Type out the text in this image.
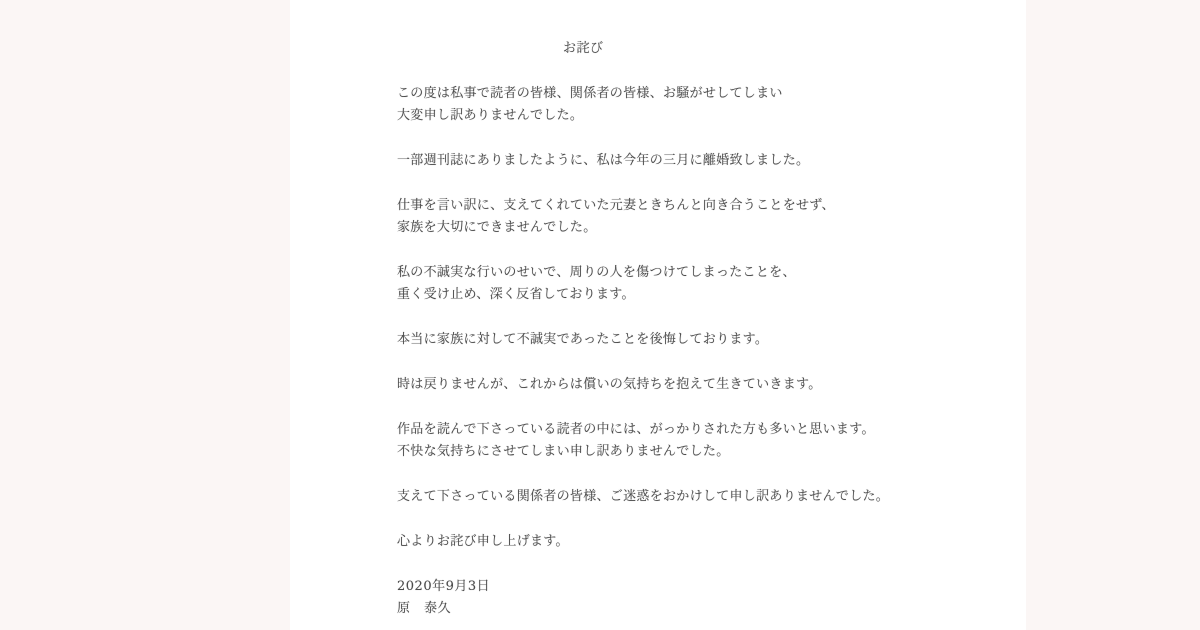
お詫び

この度は私事で読者の皆様、関係者の皆様、お騒がせしてしまい
大変申し訳ありませんでした。

一部週刊誌にありましたように、私は今年の三月に離婚致しました。

仕事を言い訳に、支えてくれていた元妻ときちんと向き合うことをせず、
家族を大切にできませんでした。

私の不誠実な行いのせいで、周りの人を傷つけてしまったことを、
重く受け止め、深く反省しております。

本当に家族に対して不誠実であったことを後悔しております。

時は戻りませんが、これからは償いの気持ちを抱えて生きていきます。

作品を読んで下さっている読者の中には、がっかりされた方も多いと思います。
不快な気持ちにさせてしまい申し訳ありませんでした。

支えて下さっている関係者の皆様、ご迷惑をおかけして申し訳ありませんでした。

心よりお詫び申し上げます。

2020年9月3日
原　泰久
